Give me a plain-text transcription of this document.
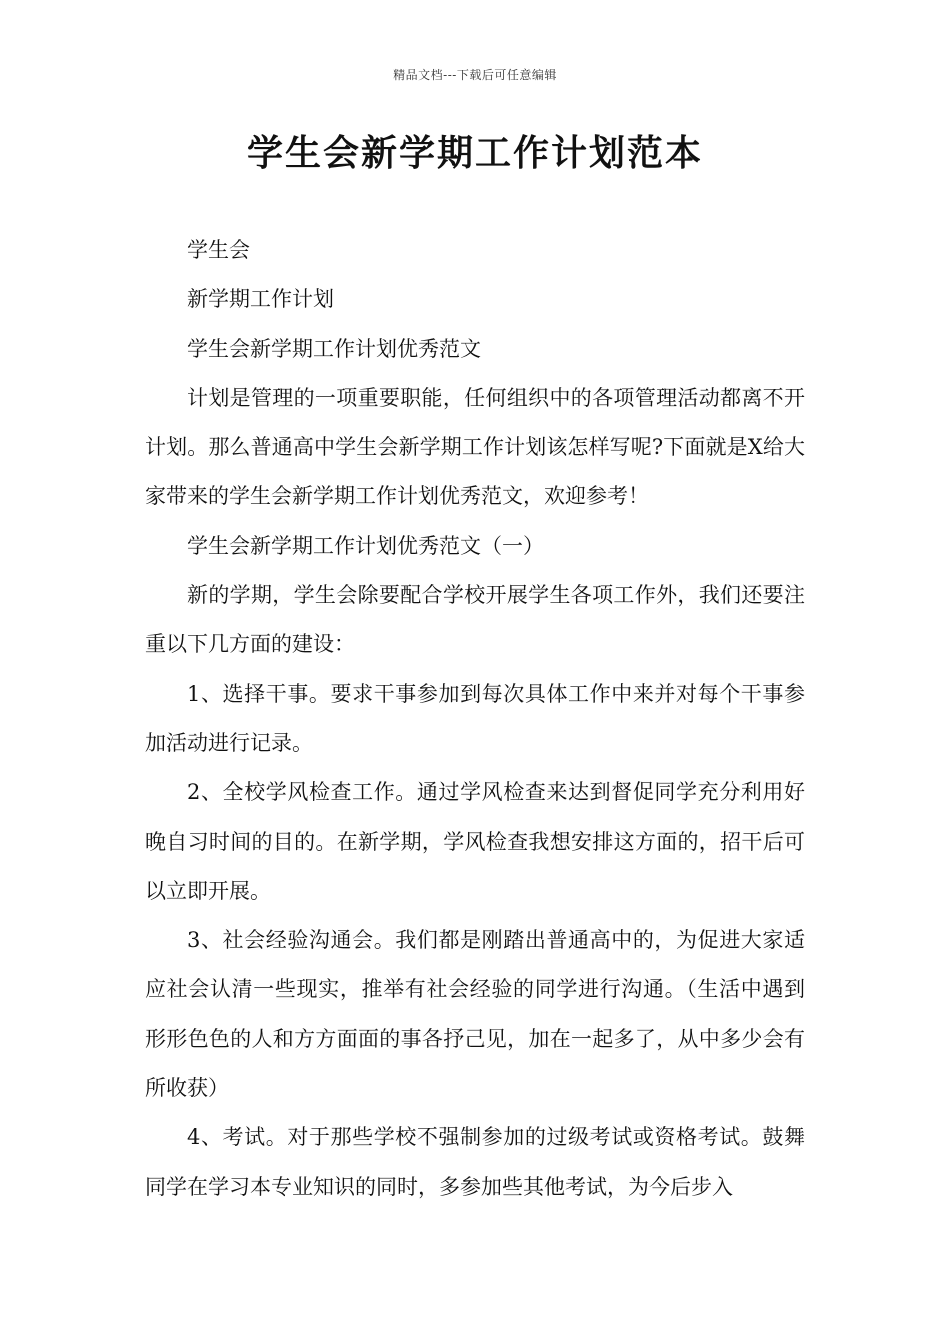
精品文档---下载后可任意编辑
学生会新学期工作计划范本

学生会

新学期工作计划

学生会新学期工作计划优秀范文

计划是管理的一项重要职能，任何组织中的各项管理活动都离不开计划。那么普通高中学生会新学期工作计划该怎样写呢?下面就是X给大家带来的学生会新学期工作计划优秀范文，欢迎参考！

学生会新学期工作计划优秀范文（一）

新的学期，学生会除要配合学校开展学生各项工作外，我们还要注重以下几方面的建设：

1、选择干事。要求干事参加到每次具体工作中来并对每个干事参加活动进行记录。

2、全校学风检查工作。通过学风检查来达到督促同学充分利用好晚自习时间的目的。在新学期，学风检查我想安排这方面的，招干后可以立即开展。

3、社会经验沟通会。我们都是刚踏出普通高中的，为促进大家适应社会认清一些现实，推举有社会经验的同学进行沟通。（生活中遇到形形色色的人和方方面面的事各抒己见，加在一起多了，从中多少会有所收获）

4、考试。对于那些学校不强制参加的过级考试或资格考试。鼓舞同学在学习本专业知识的同时，多参加些其他考试，为今后步入
